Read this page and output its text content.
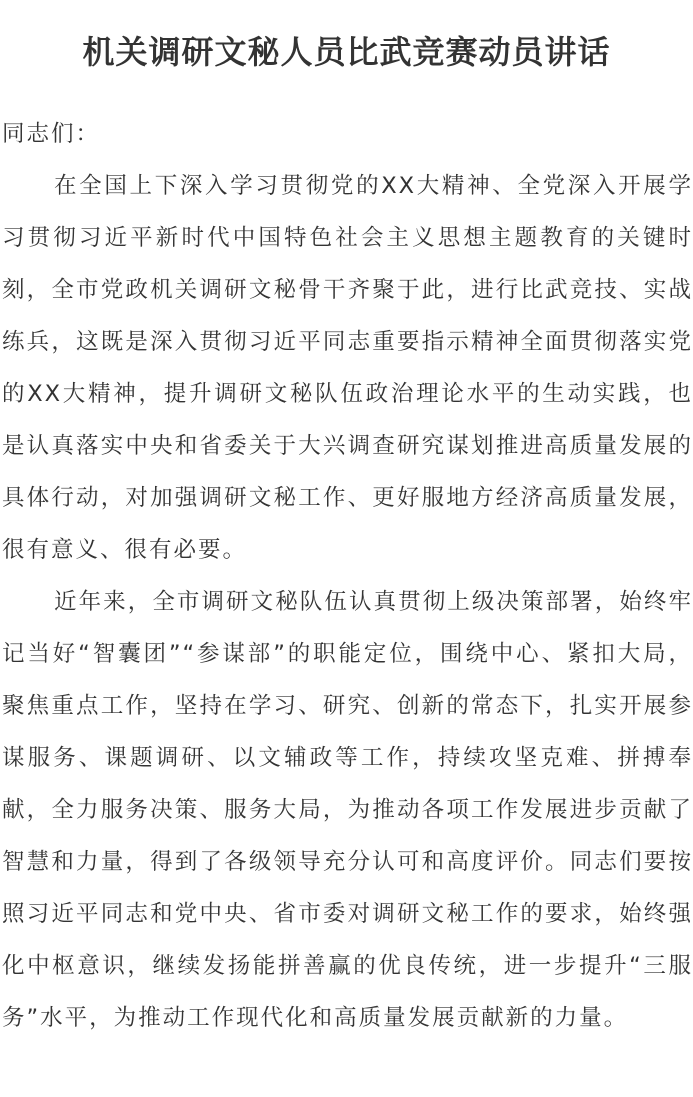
机关调研文秘人员比武竞赛动员讲话

同志们：

在全国上下深入学习贯彻党的XX大精神、全党深入开展学习贯彻习近平新时代中国特色社会主义思想主题教育的关键时刻，全市党政机关调研文秘骨干齐聚于此，进行比武竞技、实战练兵，这既是深入贯彻习近平同志重要指示精神全面贯彻落实党的XX大精神，提升调研文秘队伍政治理论水平的生动实践，也是认真落实中央和省委关于大兴调查研究谋划推进高质量发展的具体行动，对加强调研文秘工作、更好服地方经济高质量发展，很有意义、很有必要。

近年来，全市调研文秘队伍认真贯彻上级决策部署，始终牢记当好“智囊团”“参谋部”的职能定位，围绕中心、紧扣大局，聚焦重点工作，坚持在学习、研究、创新的常态下，扎实开展参谋服务、课题调研、以文辅政等工作，持续攻坚克难、拼搏奉献，全力服务决策、服务大局，为推动各项工作发展进步贡献了智慧和力量，得到了各级领导充分认可和高度评价。同志们要按照习近平同志和党中央、省市委对调研文秘工作的要求，始终强化中枢意识，继续发扬能拼善赢的优良传统，进一步提升“三服务”水平，为推动工作现代化和高质量发展贡献新的力量。
